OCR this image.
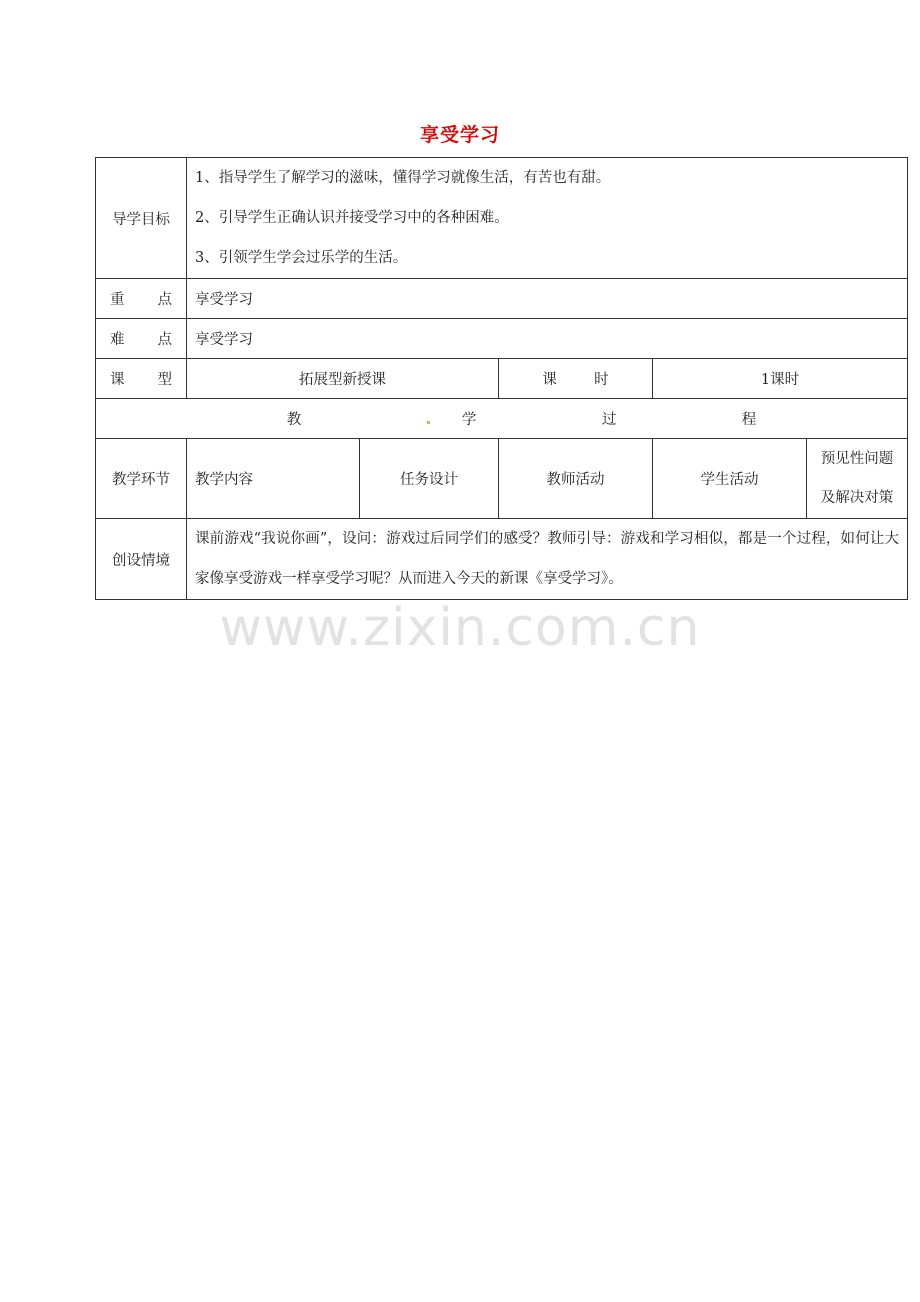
享受学习
导学目标	1、指导学生了解学习的滋味，懂得学习就像生活，有苦也有甜。
2、引导学生正确认识并接受学习中的各种困难。
3、引领学生学会过乐学的生活。				

重 点	享受学习				

难 点	享受学习				

课 型	拓展型新授课		课 时	1课时	

教 学 过 程					

教学环节	教学内容	任务设计	教师活动	学生活动	预见性问题
及解决对策

创设情境	课前游戏“我说你画”，设问：游戏过后同学们的感受？教师引导：游戏和学习相似，都是一个过程，如何让大家像享受游戏一样享受学习呢？从而进入今天的新课《享受学习》。				
www.zixin.com.cn
